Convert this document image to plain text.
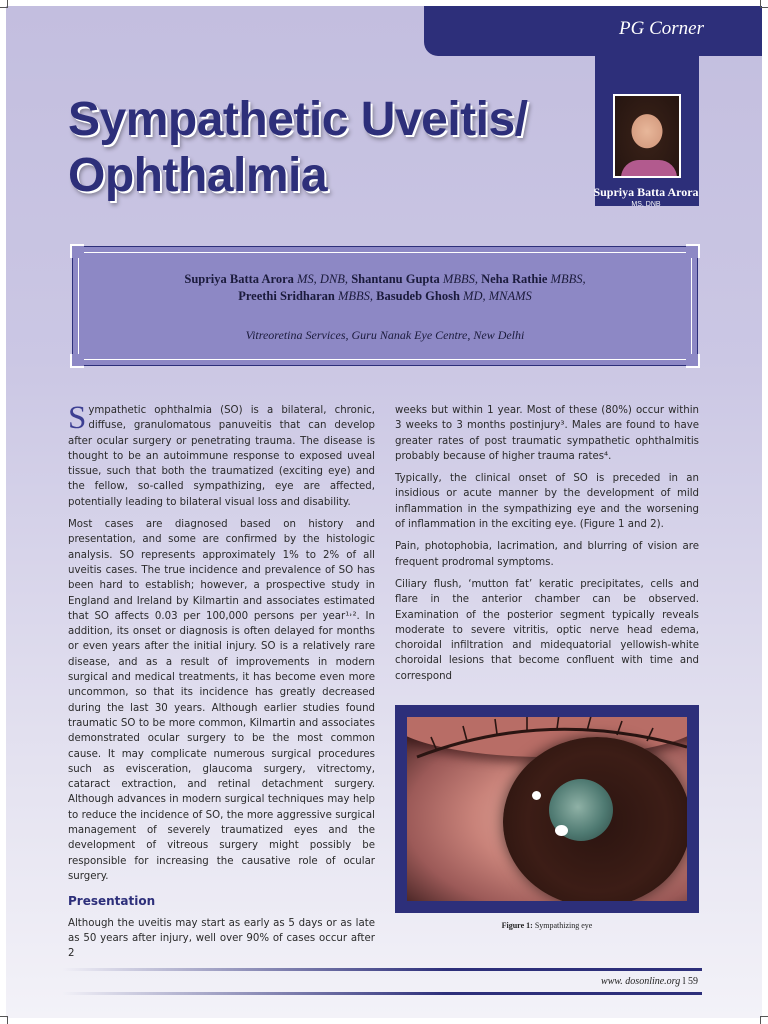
PG Corner
Supriya Batta Arora
MS, DNB
Sympathetic Uveitis/
Ophthalmia
Supriya Batta Arora MS, DNB, Shantanu Gupta MBBS, Neha Rathie MBBS,
Preethi Sridharan MBBS, Basudeb Ghosh MD, MNAMS
Vitreoretina Services, Guru Nanak Eye Centre, New Delhi

Sympathetic ophthalmia (SO) is a bilateral, chronic, diffuse, granulomatous panuveitis that can develop after ocular surgery or penetrating trauma. The disease is thought to be an autoimmune response to exposed uveal tissue, such that both the traumatized (exciting eye) and the fellow, so-called sympathizing, eye are affected, potentially leading to bilateral visual loss and disability.

Most cases are diagnosed based on history and presentation, and some are confirmed by the histologic analysis. SO represents approximately 1% to 2% of all uveitis cases. The true incidence and prevalence of SO has been hard to establish; however, a prospective study in England and Ireland by Kilmartin and associates estimated that SO affects 0.03 per 100,000 persons per year¹˒². In addition, its onset or diagnosis is often delayed for months or even years after the initial injury. SO is a relatively rare disease, and as a result of improvements in modern surgical and medical treatments, it has become even more uncommon, so that its incidence has greatly decreased during the last 30 years. Although earlier studies found traumatic SO to be more common, Kilmartin and associates demonstrated ocular surgery to be the most common cause. It may complicate numerous surgical procedures such as evisceration, glaucoma surgery, vitrectomy, cataract extraction, and retinal detachment surgery. Although advances in modern surgical techniques may help to reduce the incidence of SO, the more aggressive surgical management of severely traumatized eyes and the development of vitreous surgery might possibly be responsible for increasing the causative role of ocular surgery.

Presentation

Although the uveitis may start as early as 5 days or as late as 50 years after injury, well over 90% of cases occur after 2

weeks but within 1 year. Most of these (80%) occur within 3 weeks to 3 months postinjury³. Males are found to have greater rates of post traumatic sympathetic ophthalmitis probably because of higher trauma rates⁴.

Typically, the clinical onset of SO is preceded in an insidious or acute manner by the development of mild inflammation in the sympathizing eye and the worsening of inflammation in the exciting eye. (Figure 1 and 2).

Pain, photophobia, lacrimation, and blurring of vision are frequent prodromal symptoms.

Ciliary flush, ‘mutton fat’ keratic precipitates, cells and flare in the anterior chamber can be observed. Examination of the posterior segment typically reveals moderate to severe vitritis, optic nerve head edema, choroidal infiltration and midequatorial yellowish-white choroidal lesions that become confluent with time and correspond

Figure 1: Sympathizing eye
www. dosonline.org l 59
